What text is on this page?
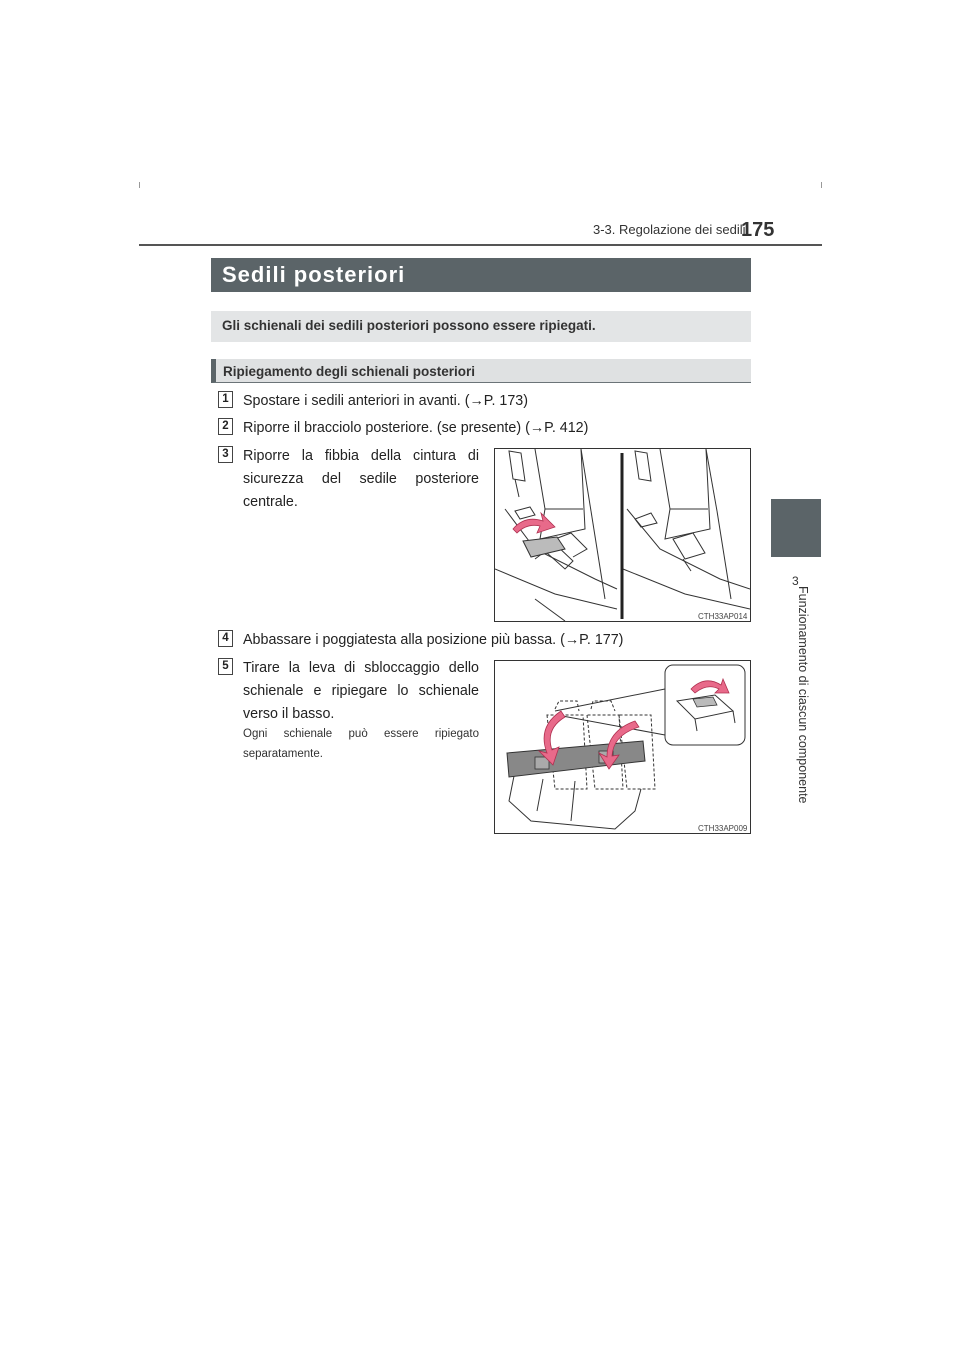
3-3. Regolazione dei sedili
175
3
Funzionamento di ciascun componente
Sedili posteriori
Gli schienali dei sedili posteriori possono essere ripiegati.
Ripiegamento degli schienali posteriori
1 Spostare i sedili anteriori in avanti. (→P. 173)
2 Riporre il bracciolo posteriore. (se presente) (→P. 412)
3 Riporre la fibbia della cintura di sicurezza del sedile posteriore centrale.
CTH33AP014
4 Abbassare i poggiatesta alla posizione più bassa. (→P. 177)
5 Tirare la leva di sbloccaggio dello schienale e ripiegare lo schienale verso il basso.
Ogni schienale può essere ripiegato separatamente.
CTH33AP009
